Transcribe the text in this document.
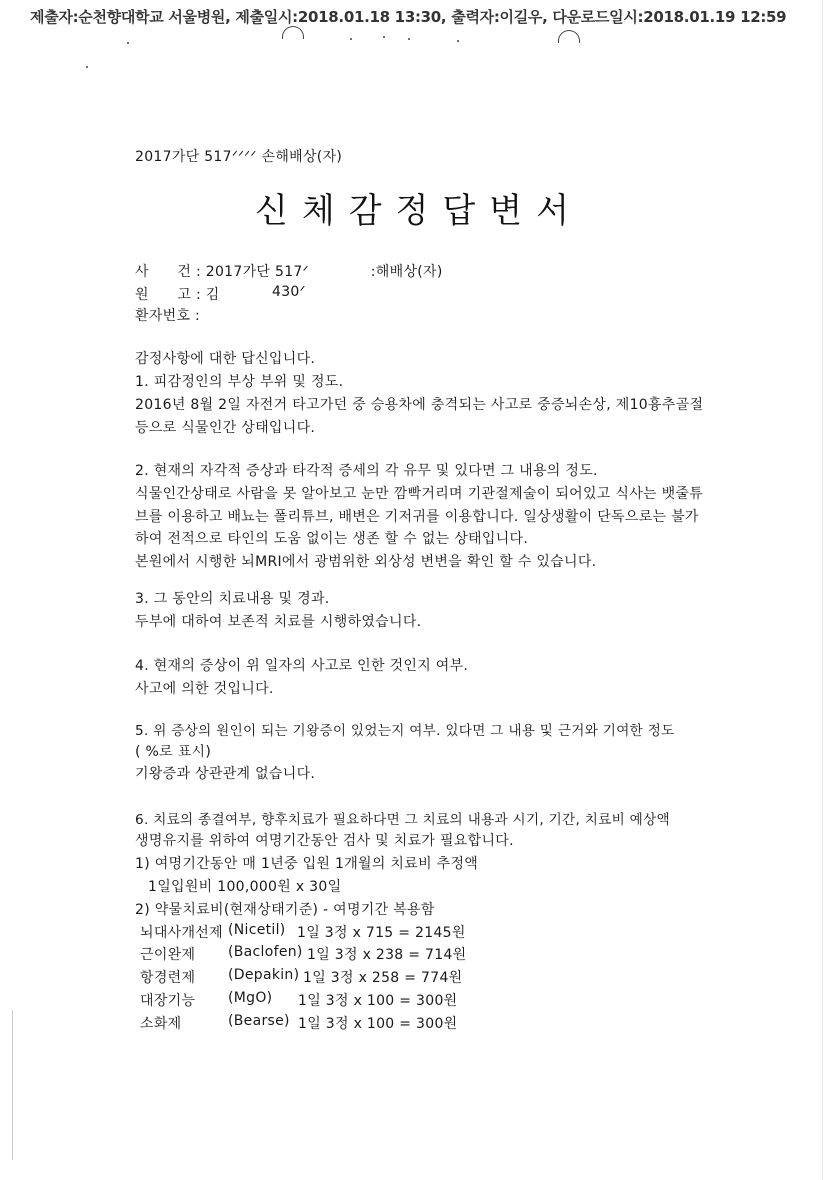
제출자:순천향대학교 서울병원, 제출일시:2018.01.18 13:30, 출력자:이길우, 다운로드일시:2018.01.19 12:59
2017가단 517ᐟᐟᐟᐟ 손해배상(자)
신체감정답변서
사　　건 : 2017가단 517ᐟ　　　　 :해배상(자)
원　　고 : 김	430ᐟ
환자번호 :
감정사항에 대한 답신입니다.
1. 피감정인의 부상 부위 및 정도.
2016년 8월 2일 자전거 타고가던 중 승용차에 충격되는 사고로 중증뇌손상, 제10흉추골절
등으로 식물인간 상태입니다.
2. 현재의 자각적 증상과 타각적 증세의 각 유무 및 있다면 그 내용의 정도.
식물인간상태로 사람을 못 알아보고 눈만 깜빡거리며 기관절제술이 되어있고 식사는 뱃줄튜
브를 이용하고 배뇨는 폴리튜브, 배변은 기저귀를 이용합니다. 일상생활이 단독으로는 불가
하여 전적으로 타인의 도움 없이는 생존 할 수 없는 상태입니다.
본원에서 시행한 뇌MRI에서 광범위한 외상성 변변을 확인 할 수 있습니다.
3. 그 동안의 치료내용 및 경과.
두부에 대하여 보존적 치료를 시행하였습니다.
4. 현재의 증상이 위 일자의 사고로 인한 것인지 여부.
사고에 의한 것입니다.
5. 위 증상의 원인이 되는 기왕증이 있었는지 여부. 있다면 그 내용 및 근거와 기여한 정도
( %로 표시)
기왕증과 상관관계 없습니다.
6. 치료의 종결여부, 향후치료가 필요하다면 그 치료의 내용과 시기, 기간, 치료비 예상액
생명유지를 위하여 여명기간동안 검사 및 치료가 필요합니다.
1) 여명기간동안 매 1년중 입원 1개월의 치료비 추정액
1일입원비 100,000원 x 30일
2) 약물치료비(현재상태기준) - 여명기간 복용함
뇌대사개선제 (Nicetil) 1일 3정 x 715 = 2145원
근이완제 (Baclofen) 1일 3정 x 238 = 714원
항경련제 (Depakin) 1일 3정 x 258 = 774원
대장기능 (MgO) 1일 3정 x 100 = 300원
소화제	(Bearse) 1일 3정 x 100 = 300원
